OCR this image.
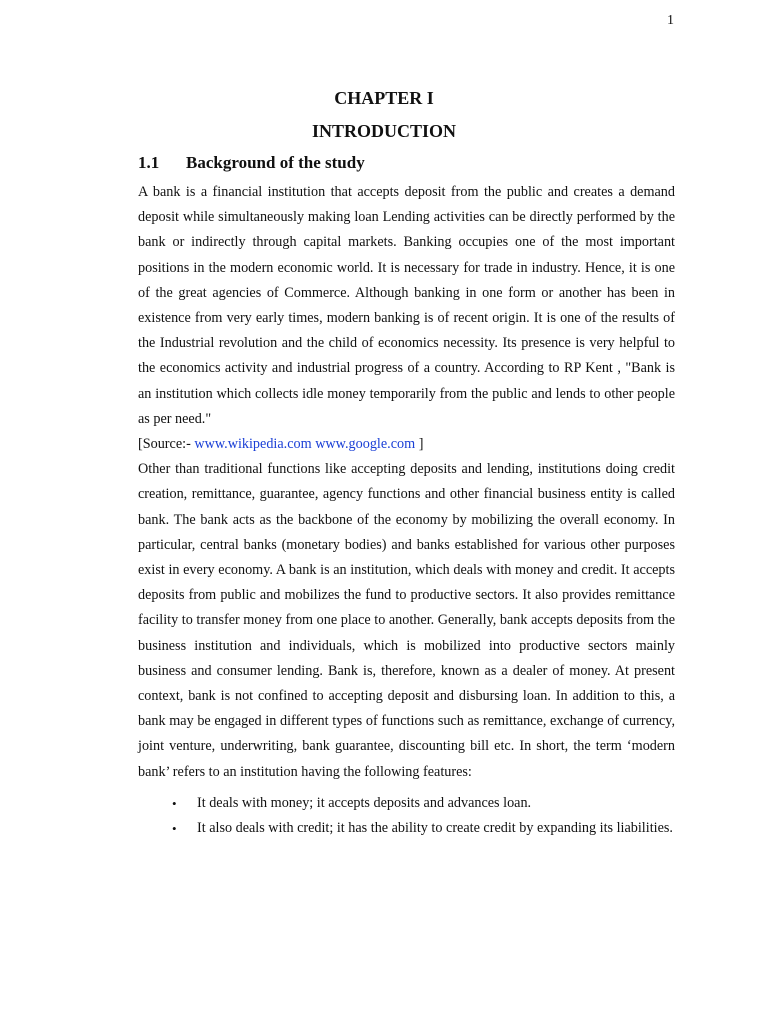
1
CHAPTER I
INTRODUCTION
1.1 Background of the study

A bank is a financial institution that accepts deposit from the public and creates a demand deposit while simultaneously making loan Lending activities can be directly performed by the bank or indirectly through capital markets. Banking occupies one of the most important positions in the modern economic world. It is necessary for trade in industry. Hence, it is one of the great agencies of Commerce. Although banking in one form or another has been in existence from very early times, modern banking is of recent origin. It is one of the results of the Industrial revolution and the child of economics necessity. Its presence is very helpful to the economics activity and industrial progress of a country. According to RP Kent , "Bank is an institution which collects idle money temporarily from the public and lends to other people as per need."

[Source:- www.wikipedia.com www.google.com ]

Other than traditional functions like accepting deposits and lending, institutions doing credit creation, remittance, guarantee, agency functions and other financial business entity is called bank. The bank acts as the backbone of the economy by mobilizing the overall economy. In particular, central banks (monetary bodies) and banks established for various other purposes exist in every economy. A bank is an institution, which deals with money and credit. It accepts deposits from public and mobilizes the fund to productive sectors. It also provides remittance facility to transfer money from one place to another. Generally, bank accepts deposits from the business institution and individuals, which is mobilized into productive sectors mainly business and consumer lending. Bank is, therefore, known as a dealer of money. At present context, bank is not confined to accepting deposit and disbursing loan. In addition to this, a bank may be engaged in different types of functions such as remittance, exchange of currency, joint venture, underwriting, bank guarantee, discounting bill etc. In short, the term ‘modern bank’ refers to an institution having the following features:

• It deals with money; it accepts deposits and advances loan.
• It also deals with credit; it has the ability to create credit by expanding its liabilities.
